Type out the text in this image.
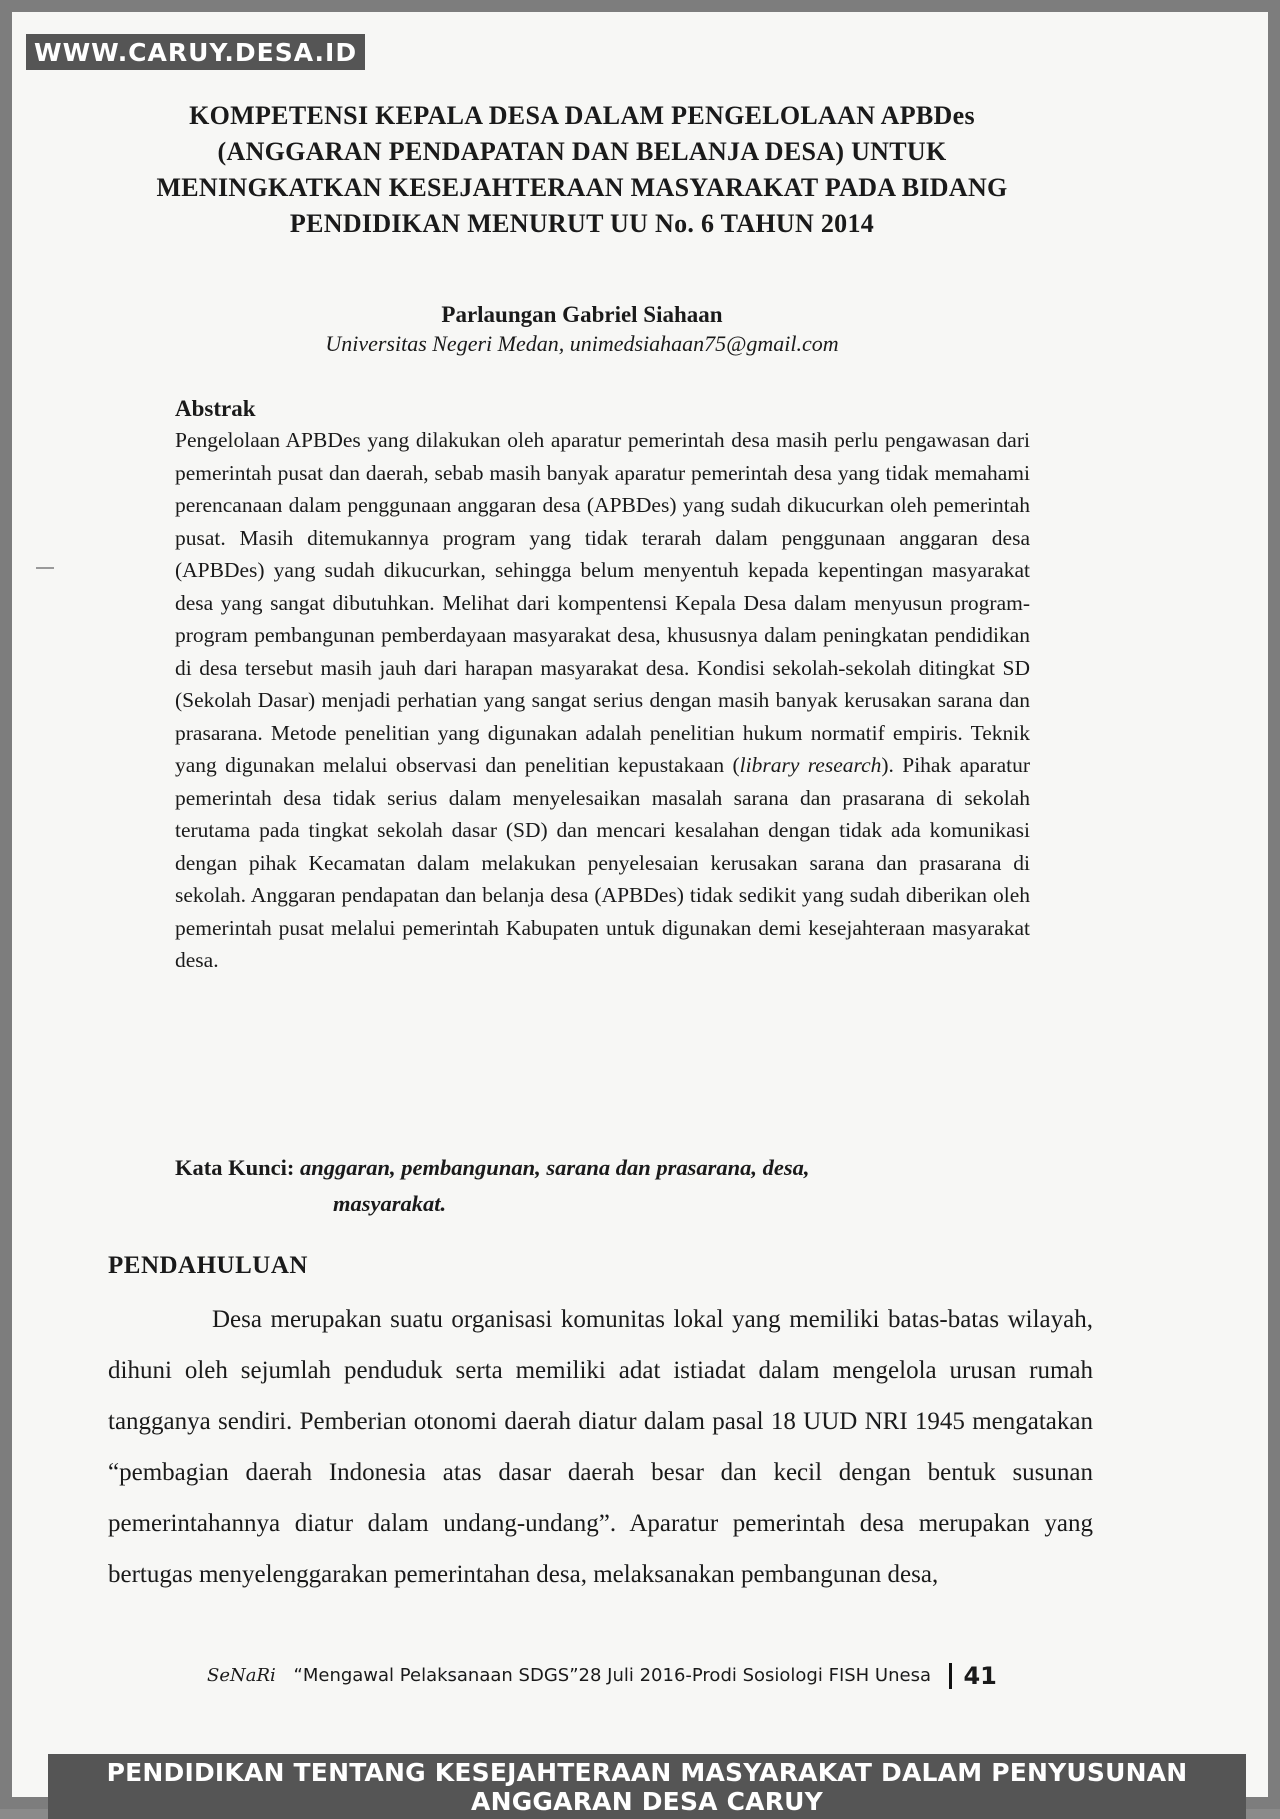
WWW.CARUY.DESA.ID
KOMPETENSI KEPALA DESA DALAM PENGELOLAAN APBDes
(ANGGARAN PENDAPATAN DAN BELANJA DESA) UNTUK
MENINGKATKAN KESEJAHTERAAN MASYARAKAT PADA BIDANG
PENDIDIKAN MENURUT UU No. 6 TAHUN 2014
Parlaungan Gabriel Siahaan
Universitas Negeri Medan, unimedsiahaan75@gmail.com
Abstrak
Pengelolaan APBDes yang dilakukan oleh aparatur pemerintah desa masih perlu pengawasan dari pemerintah pusat dan daerah, sebab masih banyak aparatur pemerintah desa yang tidak memahami perencanaan dalam penggunaan anggaran desa (APBDes) yang sudah dikucurkan oleh pemerintah pusat. Masih ditemukannya program yang tidak terarah dalam penggunaan anggaran desa (APBDes) yang sudah dikucurkan, sehingga belum menyentuh kepada kepentingan masyarakat desa yang sangat dibutuhkan. Melihat dari kompentensi Kepala Desa dalam menyusun program-program pembangunan pemberdayaan masyarakat desa, khususnya dalam peningkatan pendidikan di desa tersebut masih jauh dari harapan masyarakat desa. Kondisi sekolah-sekolah ditingkat SD (Sekolah Dasar) menjadi perhatian yang sangat serius dengan masih banyak kerusakan sarana dan prasarana. Metode penelitian yang digunakan adalah penelitian hukum normatif empiris. Teknik yang digunakan melalui observasi dan penelitian kepustakaan (library research). Pihak aparatur pemerintah desa tidak serius dalam menyelesaikan masalah sarana dan prasarana di sekolah terutama pada tingkat sekolah dasar (SD) dan mencari kesalahan dengan tidak ada komunikasi dengan pihak Kecamatan dalam melakukan penyelesaian kerusakan sarana dan prasarana di sekolah. Anggaran pendapatan dan belanja desa (APBDes) tidak sedikit yang sudah diberikan oleh pemerintah pusat melalui pemerintah Kabupaten untuk digunakan demi kesejahteraan masyarakat desa.
Kata Kunci: anggaran, pembangunan, sarana dan prasarana, desa,
masyarakat.
PENDAHULUAN
Desa merupakan suatu organisasi komunitas lokal yang memiliki batas-batas wilayah, dihuni oleh sejumlah penduduk serta memiliki adat istiadat dalam mengelola urusan rumah tangganya sendiri. Pemberian otonomi daerah diatur dalam pasal 18 UUD NRI 1945 mengatakan “pembagian daerah Indonesia atas dasar daerah besar dan kecil dengan bentuk susunan pemerintahannya diatur dalam undang-undang”. Aparatur pemerintah desa merupakan yang bertugas menyelenggarakan pemerintahan desa, melaksanakan pembangunan desa,
SeNaRi “Mengawal Pelaksanaan SDGS”28 Juli 2016-Prodi Sosiologi FISH Unesa 41
PENDIDIKAN TENTANG KESEJAHTERAAN MASYARAKAT DALAM PENYUSUNAN ANGGARAN DESA CARUY
